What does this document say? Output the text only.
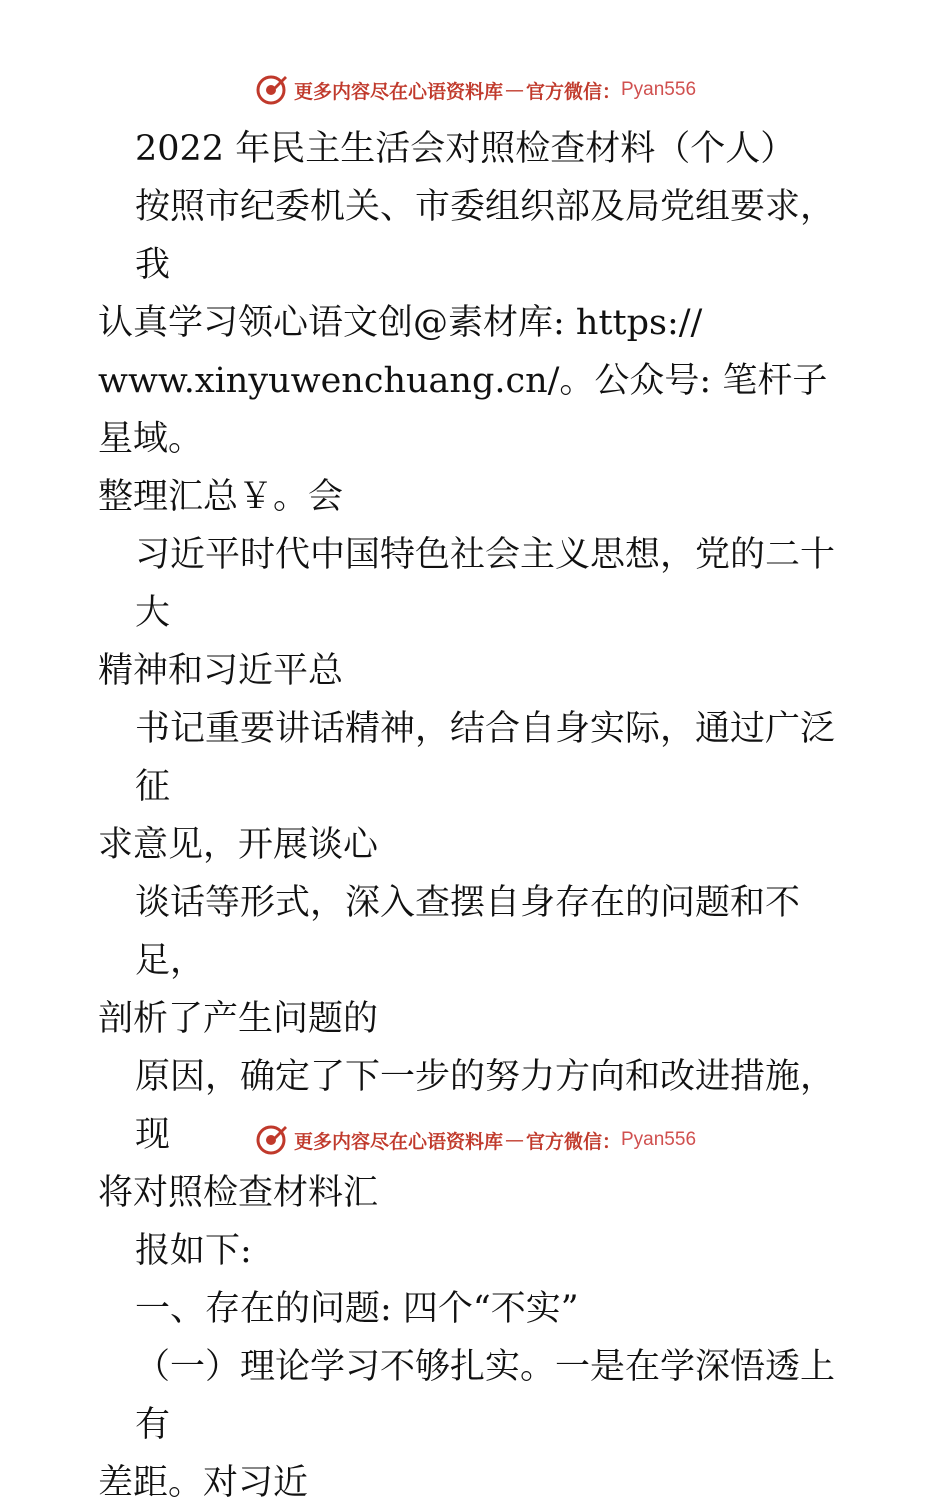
更多内容尽在心语资料库 — 官方微信： Pyan556

2022 年民主生活会对照检查材料（个人）

按照市纪委机关、市委组织部及局党组要求，我

认真学习领心语文创@素材库: https://

www.xinyuwenchuang.cn/。公众号: 笔杆子星域。

整理汇总￥。会

习近平时代中国特色社会主义思想，党的二十大

精神和习近平总

书记重要讲话精神，结合自身实际，通过广泛征

求意见，开展谈心

谈话等形式，深入查摆自身存在的问题和不足，

剖析了产生问题的

原因，确定了下一步的努力方向和改进措施，现

将对照检查材料汇

报如下:

一、存在的问题: 四个“不实”

（一）理论学习不够扎实。一是在学深悟透上有

差距。对习近

更多内容尽在心语资料库 — 官方微信： Pyan556
